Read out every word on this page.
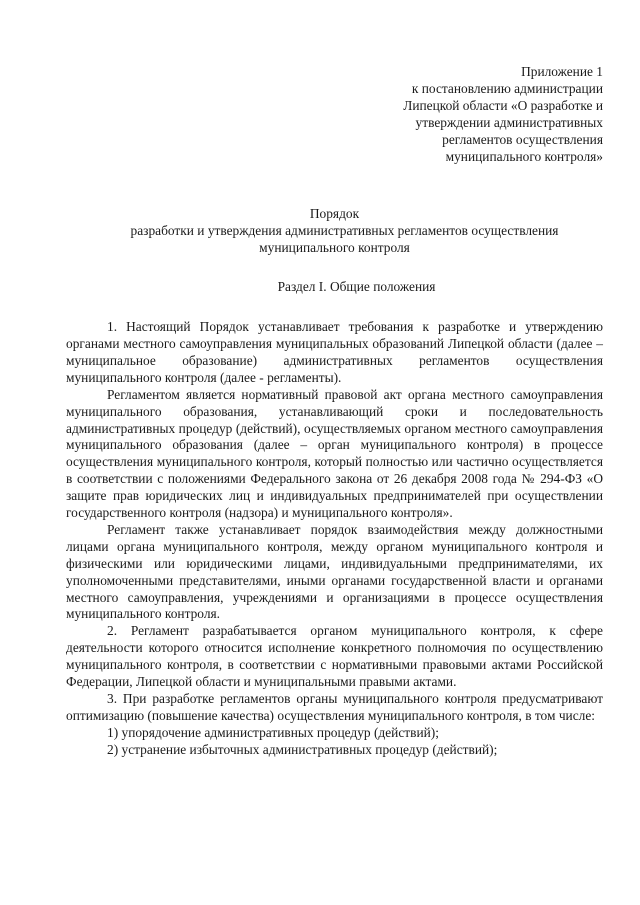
Приложение 1
к постановлению администрации
Липецкой области «О разработке и
утверждении административных
регламентов осуществления
муниципального контроля»
Порядок
разработки и утверждения административных регламентов осуществления
муниципального контроля
Раздел I. Общие положения

1. Настоящий Порядок устанавливает требования к разработке и утверждению органами местного самоуправления муниципальных образований Липецкой области (далее – муниципальное образование) административных регламентов осуществления муниципального контроля (далее - регламенты).

Регламентом является нормативный правовой акт органа местного самоуправления муниципального образования, устанавливающий сроки и последовательность административных процедур (действий), осуществляемых органом местного самоуправления муниципального образования (далее – орган муниципального контроля) в процессе осуществления муниципального контроля, который полностью или частично осуществляется в соответствии с положениями Федерального закона от 26 декабря 2008 года № 294-ФЗ «О защите прав юридических лиц и индивидуальных предпринимателей при осуществлении государственного контроля (надзора) и муниципального контроля».

Регламент также устанавливает порядок взаимодействия между должностными лицами органа муниципального контроля, между органом муниципального контроля и физическими или юридическими лицами, индивидуальными предпринимателями, их уполномоченными представителями, иными органами государственной власти и органами местного самоуправления, учреждениями и организациями в процессе осуществления муниципального контроля.

2. Регламент разрабатывается органом муниципального контроля, к сфере деятельности которого относится исполнение конкретного полномочия по осуществлению муниципального контроля, в соответствии с нормативными правовыми актами Российской Федерации, Липецкой области и муниципальными правыми актами.

3. При разработке регламентов органы муниципального контроля предусматривают оптимизацию (повышение качества) осуществления муниципального контроля, в том числе:

1) упорядочение административных процедур (действий);

2) устранение избыточных административных процедур (действий);
